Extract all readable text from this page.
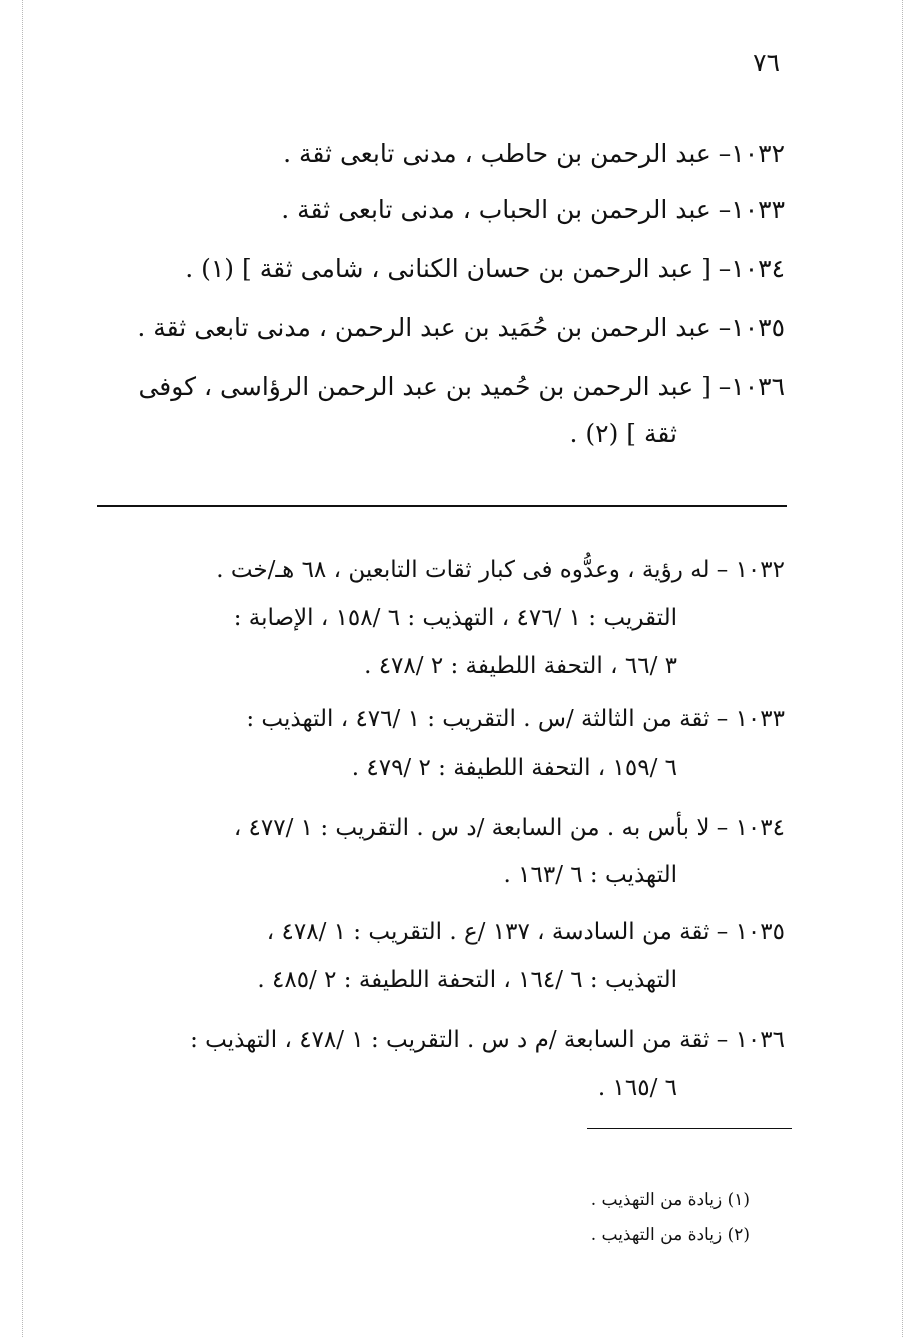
٧٦
١٠٣٢– عبد الرحمن بن حاطب ، مدنى تابعى ثقة .
١٠٣٣– عبد الرحمن بن الحباب ، مدنى تابعى ثقة .
١٠٣٤– [ عبد الرحمن بن حسان الكنانى ، شامى ثقة ] (١) .
١٠٣٥– عبد الرحمن بن حُمَيد بن عبد الرحمن ، مدنى تابعى ثقة .
١٠٣٦– [ عبد الرحمن بن حُميد بن عبد الرحمن الرؤاسى ، كوفى
ثقة ] (٢) .
١٠٣٢ – له رؤية ، وعدُّوه فى كبار ثقات التابعين ، ٦٨ هـ/خت .
التقريب : ١ /٤٧٦ ، التهذيب : ٦ /١٥٨ ، الإصابة :
٣ /٦٦ ، التحفة اللطيفة : ٢ /٤٧٨ .
١٠٣٣ – ثقة من الثالثة /س . التقريب : ١ /٤٧٦ ، التهذيب :
٦ /١٥٩ ، التحفة اللطيفة : ٢ /٤٧٩ .
١٠٣٤ – لا بأس به . من السابعة /د س . التقريب : ١ /٤٧٧ ،
التهذيب : ٦ /١٦٣ .
١٠٣٥ – ثقة من السادسة ، ١٣٧ /ع . التقريب : ١ /٤٧٨ ،
التهذيب : ٦ /١٦٤ ، التحفة اللطيفة : ٢ /٤٨٥ .
١٠٣٦ – ثقة من السابعة /م د س . التقريب : ١ /٤٧٨ ، التهذيب :
٦ /١٦٥ .
(١) زيادة من التهذيب .
(٢) زيادة من التهذيب .
